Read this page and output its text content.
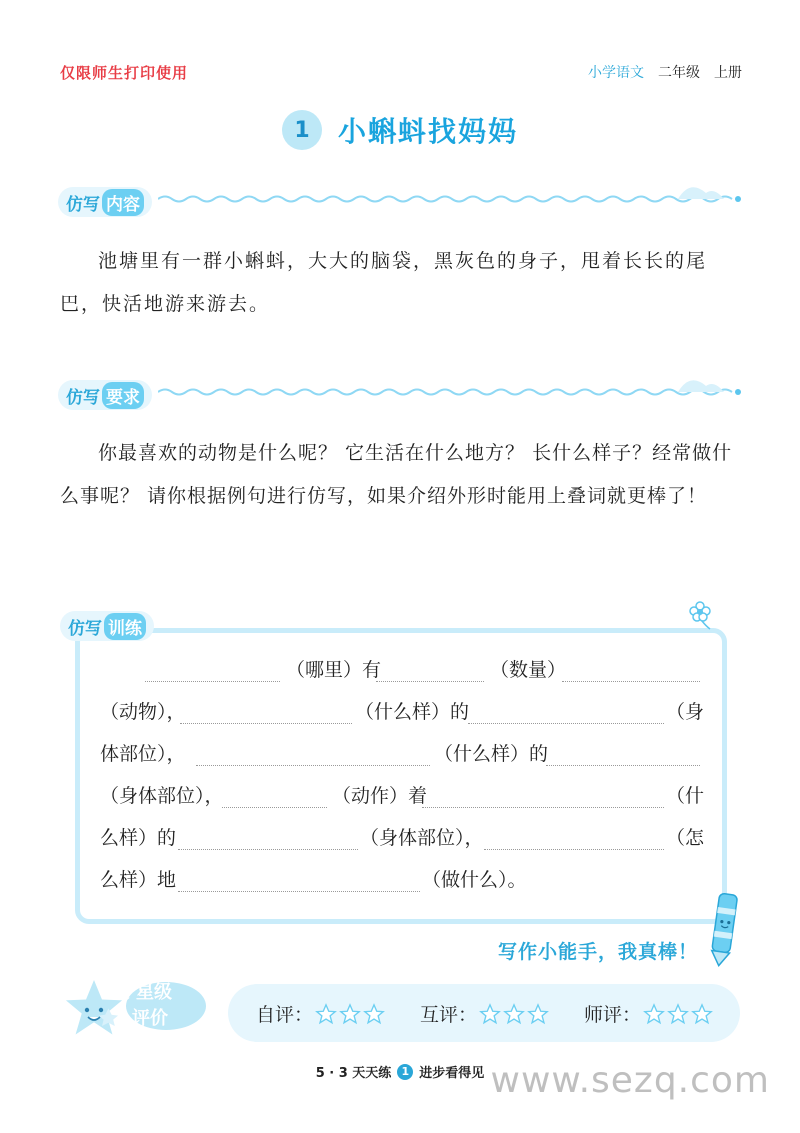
仅限师生打印使用	小学语文 二年级 上册
1	小蝌蚪找妈妈
仿写 内容

池塘里有一群小蝌蚪，大大的脑袋，黑灰色的身子，甩着长长的尾巴，快活地游来游去。

仿写 要求

你最喜欢的动物是什么呢？ 它生活在什么地方？ 长什么样子？经常做什么事呢？ 请你根据例句进行仿写，如果介绍外形时能用上叠词就更棒了！

仿写 训练
（哪里）有	（数量）
（动物），	（什么样）的	（身
体部位），	（什么样）的
（身体部位），	（动作）着	（什
么样）的	（身体部位），	（怎
么样）地	（做什么）。
写作小能手，我真棒！
星级
评价	自评：	互评：	师评：
5 · 3 天天练 1 进步看得见 www.sezq.com
